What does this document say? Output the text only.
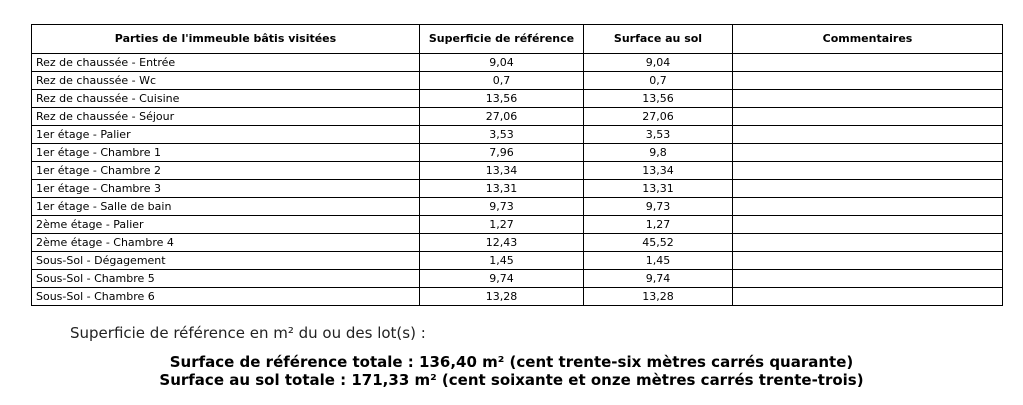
Parties de l'immeuble bâtis visitées	Superficie de référence	Surface au sol	Commentaires
Rez de chaussée - Entrée	9,04	9,04	
Rez de chaussée - Wc	0,7	0,7	
Rez de chaussée - Cuisine	13,56	13,56	
Rez de chaussée - Séjour	27,06	27,06	
1er étage - Palier	3,53	3,53	
1er étage - Chambre 1	7,96	9,8	
1er étage - Chambre 2	13,34	13,34	
1er étage - Chambre 3	13,31	13,31	
1er étage - Salle de bain	9,73	9,73	
2ème étage - Palier	1,27	1,27	
2ème étage - Chambre 4	12,43	45,52	
Sous-Sol - Dégagement	1,45	1,45	
Sous-Sol - Chambre 5	9,74	9,74	
Sous-Sol - Chambre 6	13,28	13,28	
Superficie de référence en m² du ou des lot(s) :
Surface de référence totale : 136,40 m² (cent trente-six mètres carrés quarante)
Surface au sol totale : 171,33 m² (cent soixante et onze mètres carrés trente-trois)
